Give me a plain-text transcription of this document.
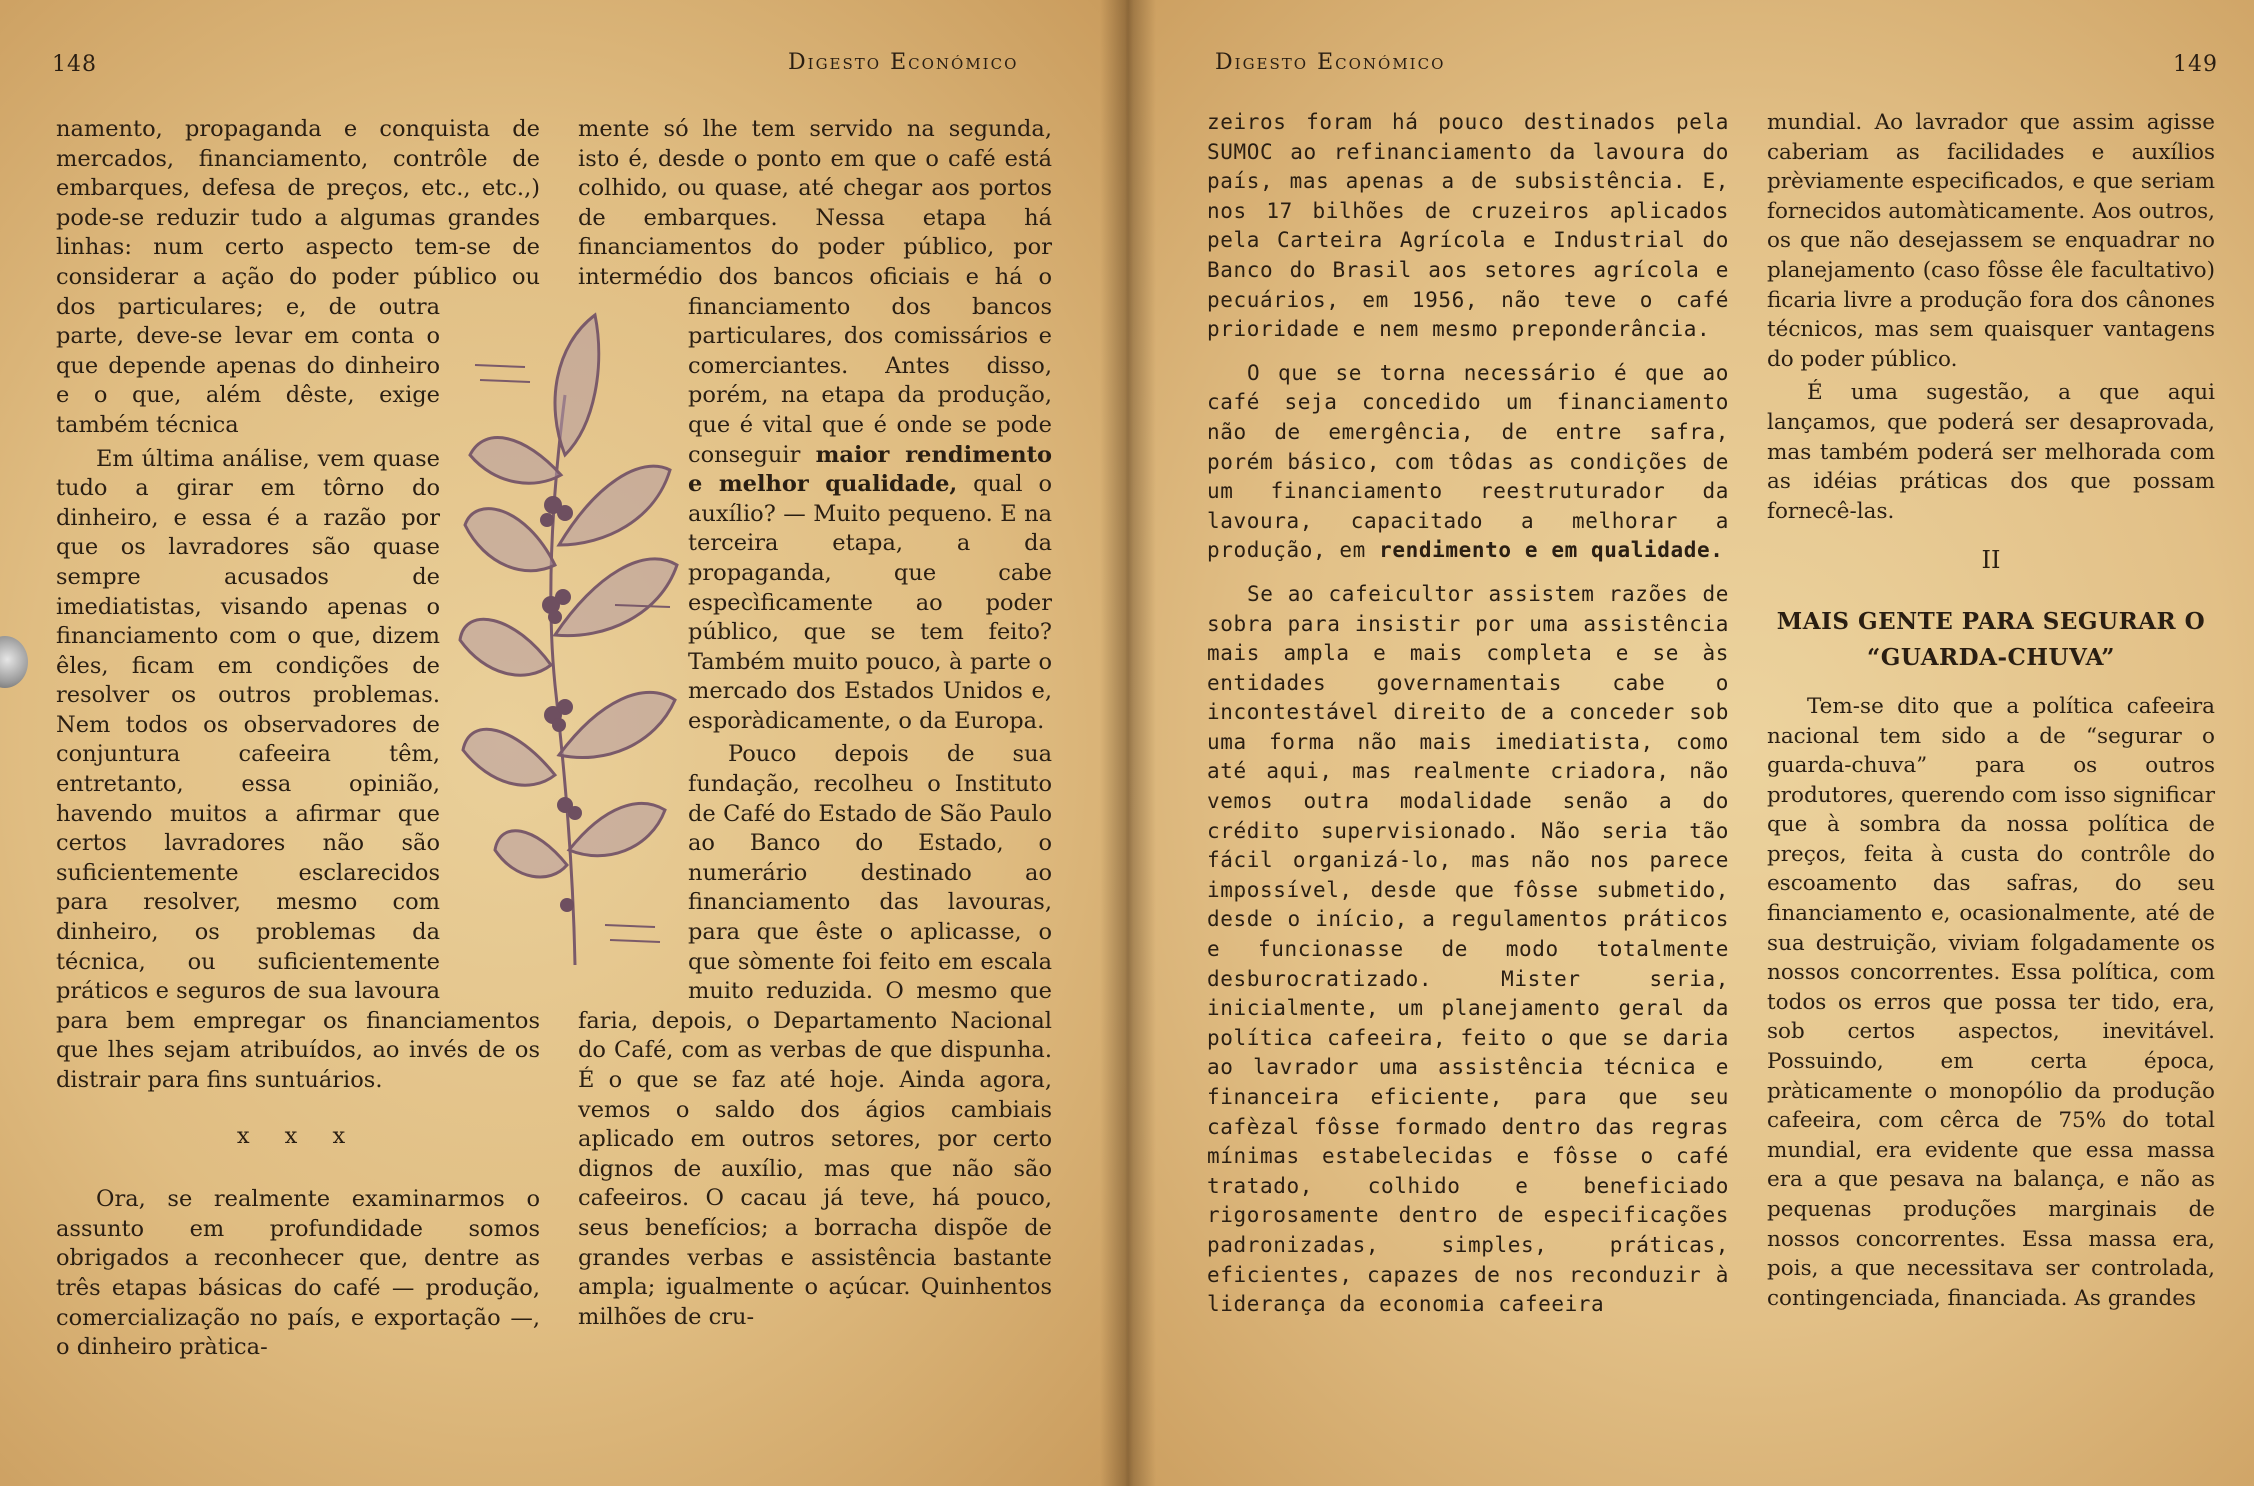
148	Digesto Económico

namento, propaganda e conquista de mercados, financiamento, contrôle de embarques, defesa de preços, etc., etc.,) pode-se reduzir tudo a algumas grandes linhas: num certo aspecto tem-se de considerar a ação do poder público ou dos particulares; e, de outra parte, deve-se levar em conta o que depende apenas do dinheiro e o que, além dêste, exige também técnica

Em última análise, vem quase tudo a girar em tôrno do dinheiro, e essa é a razão por que os lavradores são quase sempre acusados de imediatistas, visando apenas o financiamento com o que, dizem êles, ficam em condições de resolver os outros problemas. Nem todos os observadores de conjuntura cafeeira têm, entretanto, essa opinião, havendo muitos a afirmar que certos lavradores não são suficientemente esclarecidos para resolver, mesmo com dinheiro, os problemas da técnica, ou suficientemente práticos e seguros de sua lavoura para bem empregar os financiamentos que lhes sejam atribuídos, ao invés de os distrair para fins suntuários.

x x x

Ora, se realmente examinarmos o assunto em profundidade somos obrigados a reconhecer que, dentre as três etapas básicas do café — produção, comercialização no país, e exportação —, o dinheiro pràtica-

mente só lhe tem servido na segunda, isto é, desde o ponto em que o café está colhido, ou quase, até chegar aos portos de embarques. Nessa etapa há financiamentos do poder público, por intermédio dos bancos oficiais e há o financiamento dos bancos particulares, dos comissários e comerciantes. Antes disso, porém, na etapa da produção, que é vital que é onde se pode conseguir maior rendimento e melhor qualidade, qual o auxílio? — Muito pequeno. E na terceira etapa, a da propaganda, que cabe especìficamente ao poder público, que se tem feito? Também muito pouco, à parte o mercado dos Estados Unidos e, esporàdicamente, o da Europa.

Pouco depois de sua fundação, recolheu o Instituto de Café do Estado de São Paulo ao Banco do Estado, o numerário destinado ao financiamento das lavouras, para que êste o aplicasse, o que sòmente foi feito em escala muito reduzida. O mesmo que faria, depois, o Departamento Nacional do Café, com as verbas de que dispunha. É o que se faz até hoje. Ainda agora, vemos o saldo dos ágios cambiais aplicado em outros setores, por certo dignos de auxílio, mas que não são cafeeiros. O cacau já teve, há pouco, seus benefícios; a borracha dispõe de grandes verbas e assistência bastante ampla; igualmente o açúcar. Quinhentos milhões de cru-

Digesto Económico	149

zeiros foram há pouco destinados pela SUMOC ao refinanciamento da lavoura do país, mas apenas a de subsistência. E, nos 17 bilhões de cruzeiros aplicados pela Carteira Agrícola e Industrial do Banco do Brasil aos setores agrícola e pecuários, em 1956, não teve o café prioridade e nem mesmo preponderância.

O que se torna necessário é que ao café seja concedido um financiamento não de emergência, de entre safra, porém básico, com tôdas as condições de um financiamento reestruturador da lavoura, capacitado a melhorar a produção, em rendimento e em qualidade.

Se ao cafeicultor assistem razões de sobra para insistir por uma assistência mais ampla e mais completa e se às entidades governamentais cabe o incontestável direito de a conceder sob uma forma não mais imediatista, como até aqui, mas realmente criadora, não vemos outra modalidade senão a do crédito supervisionado. Não seria tão fácil organizá-lo, mas não nos parece impossível, desde que fôsse submetido, desde o início, a regulamentos práticos e funcionasse de modo totalmente desburocratizado. Mister seria, inicialmente, um planejamento geral da política cafeeira, feito o que se daria ao lavrador uma assistência técnica e financeira eficiente, para que seu cafèzal fôsse formado dentro das regras mínimas estabelecidas e fôsse o café tratado, colhido e beneficiado rigorosamente dentro de especificações padronizadas, simples, práticas, eficientes, capazes de nos reconduzir à liderança da economia cafeeira

mundial. Ao lavrador que assim agisse caberiam as facilidades e auxílios prèviamente especificados, e que seriam fornecidos automàticamente. Aos outros, os que não desejassem se enquadrar no planejamento (caso fôsse êle facultativo) ficaria livre a produção fora dos cânones técnicos, mas sem quaisquer vantagens do poder público.

É uma sugestão, a que aqui lançamos, que poderá ser desaprovada, mas também poderá ser melhorada com as idéias práticas dos que possam fornecê-las.

II

MAIS GENTE PARA SEGURAR O
“GUARDA-CHUVA”

Tem-se dito que a política cafeeira nacional tem sido a de “segurar o guarda-chuva” para os outros produtores, querendo com isso significar que à sombra da nossa política de preços, feita à custa do contrôle do escoamento das safras, do seu financiamento e, ocasionalmente, até de sua destruição, viviam folgadamente os nossos concorrentes. Essa política, com todos os erros que possa ter tido, era, sob certos aspectos, inevitável. Possuindo, em certa época, pràticamente o monopólio da produção cafeeira, com cêrca de 75% do total mundial, era evidente que essa massa era a que pesava na balança, e não as pequenas produções marginais de nossos concorrentes. Essa massa era, pois, a que necessitava ser controlada, contingenciada, financiada. As grandes
